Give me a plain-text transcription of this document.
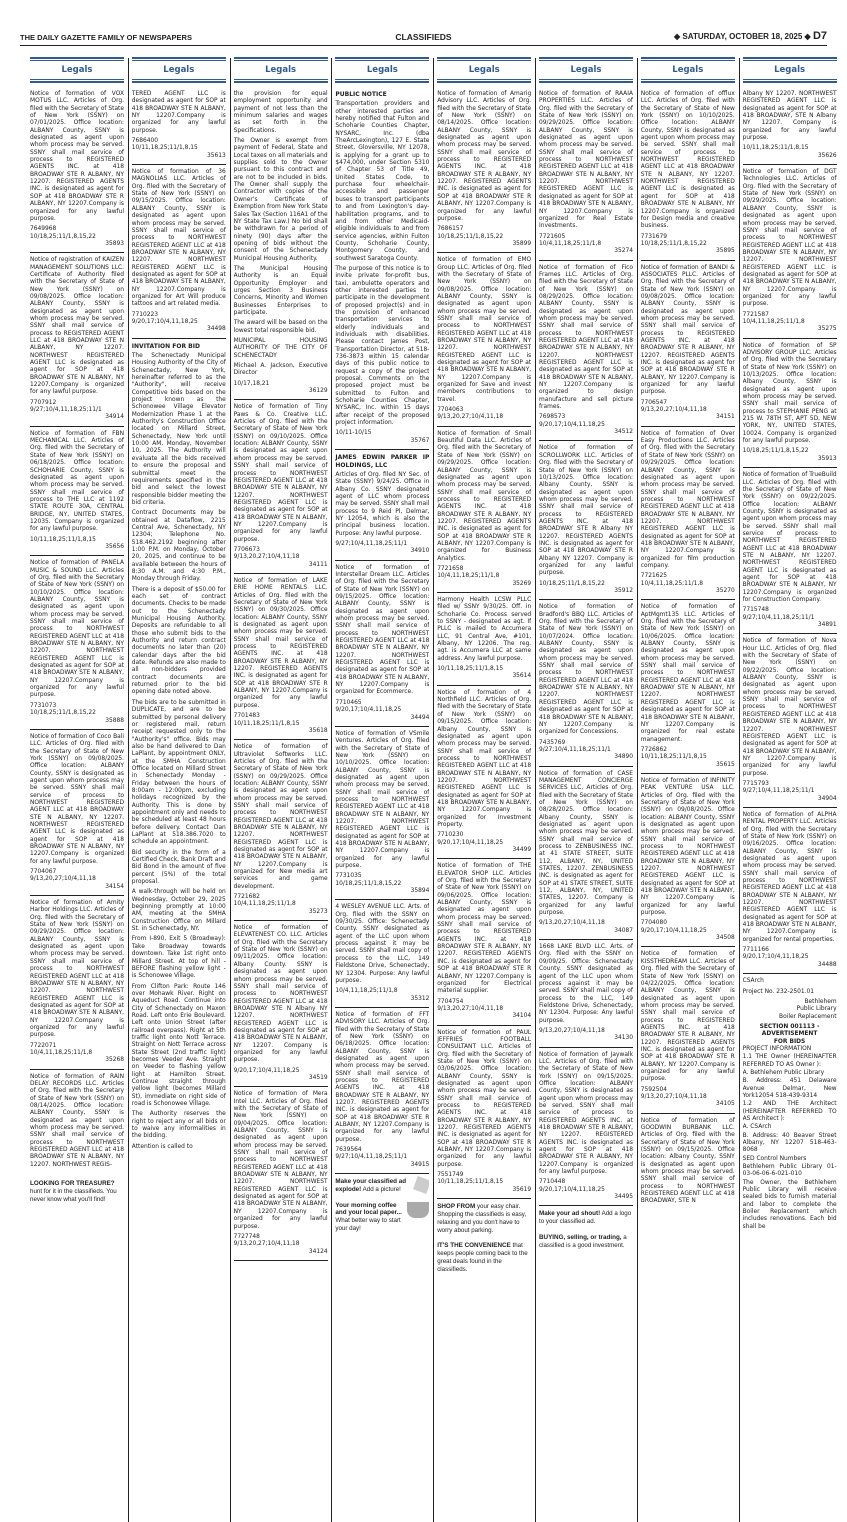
THE DAILY GAZETTE FAMILY OF NEWSPAPERS	CLASSIFIEDS	◆ SATURDAY, OCTOBER 18, 2025 ◆ D7
Legals

Notice of formation of VOX MOTUS LLC. Articles of Org. filed with the Secretary of State of New York (SSNY) on 07/01/2025. Office location: ALBANY County, SSNY is designated as agent upon whom process may be served. SSNY shall mail service of process to REGISTERED AGENTS INC. at 418 BROADWAY STE R ALBANY, NY 12207. REGISTERED AGENTS INC. is designated as agent for SOP at 418 BROADWAY STE R ALBANY, NY 12207.Company is organized for any lawful purpose.

7649968
10/18,25;11/1,8,15,22
35893

Notice of registration of KAIZEN MANAGEMENT SOLUTIONS LLC. Certificate of Authority filed with the Secretary of State of New York (SSNY) on 09/08/2025. Office location: ALBANY County, SSNY is designated as agent upon whom process may be served. SSNY shall mail service of process to REGISTERED AGENT LLC at 418 BROADWAY STE N ALBANY, NY 12207. NORTHWEST REGISTERED AGENT LLC is designated as agent for SOP at 418 BROADWAY STE N ALBANY, NY 12207.Company is organized for any lawful purpose.

7707912
9/27;10/4,11,18,25;11/1
34914

Notice of formation of FBN MECHANICAL LLC. Articles of Org. filed with the Secretary of State of New York (SSNY) on 06/18/2025. Office location: SCHOHARIE County, SSNY is designated as agent upon whom process may be served. SSNY shall mail service of process to THE LLC at 1192 STATE ROUTE 30A, CENTRAL BRIDGE, NY, UNITED STATES, 12035. Company is organized for any lawful purpose.

10/11,18,25;11/1,8,15
35656

Notice of formation of PANELA MUSIC & SOUND LLC. Articles of Org. filed with the Secretary of State of New York (SSNY) on 10/10/2025. Office location: ALBANY County, SSNY is designated as agent upon whom process may be served. SSNY shall mail service of process to NORTHWEST REGISTERED AGENT LLC at 418 BROADWAY STE N ALBANY, NY 12207. NORTHWEST REGISTERED AGENT LLC is designated as agent for SOP at 418 BROADWAY STE N ALBANY, NY 12207.Company is organized for any lawful purpose.

7731073
10/18,25;11/1,8,15,22
35888

Notice of formation of Coco Bali LLC. Articles of Org. filed with the Secretary of State of New York (SSNY) on 09/08/2025. Office location: ALBANY County, SSNY is designated as agent upon whom process may be served. SSNY shall mail service of process to NORTHWEST REGISTERED AGENT LLC at 418 BROADWAY STE N ALBANY, NY 12207. NORTHWEST REGISTERED AGENT LLC is designated as agent for SOP at 418 BROADWAY STE N ALBANY, NY 12207.Company is organized for any lawful purpose.

7704067
9/13,20,27;10/4,11,18
34154

Notice of formation of Amity Harbor Holdings LLC. Articles of Org. filed with the Secretary of State of New York (SSNY) on 09/29/2025. Office location: ALBANY County, SSNY is designated as agent upon whom process may be served. SSNY shall mail service of process to NORTHWEST REGISTERED AGENT LLC at 418 BROADWAY STE N ALBANY, NY 12207. NORTHWEST REGISTERED AGENT LLC is designated as agent for SOP at 418 BROADWAY STE N ALBANY, NY 12207.Company is organized for any lawful purpose.

7722071
10/4,11,18,25;11/1,8
35268

Notice of formation of RAIN DELAY RECORDS LLC. Articles of Org. filed with the Secretary of State of New York (SSNY) on 08/14/2025. Office location: ALBANY County, SSNY is designated as agent upon whom process may be served. SSNY shall mail service of process to NORTHWEST REGISTERED AGENT LLC at 418 BROADWAY STE N ALBANY, NY 12207. NORTHWEST REGIS-

LOOKING FOR TREASURE? hunt for it in the classifieds. You never know what you'll find!
Legals

TERED AGENT LLC is designated as agent for SOP at 418 BROADWAY STE N ALBANY, NY 12207.Company is organized for any lawful purpose.

7686400
10/11,18,25;11/1,8,15
35613

Notice of formation of 36 MAGNOLIAS LLC. Articles of Org. filed with the Secretary of State of New York (SSNY) on 09/15/2025. Office location: ALBANY County, SSNY is designated as agent upon whom process may be served. SSNY shall mail service of process to NORTHWEST REGISTERED AGENT LLC at 418 BROADWAY STE N ALBANY, NY 12207. NORTHWEST REGISTERED AGENT LLC is designated as agent for SOP at 418 BROADWAY STE N ALBANY, NY 12207.Company is organized for Art Will produce tattoos and art related media.

7710223
9/20,17;10/4,11,18,25
34498

INVITATION FOR BID

The Schenectady Municipal Housing Authority of the City of Schenectady, New York, hereinafter referred to as the "Authority", will receive Competitive bids based on the project known as the Schonowee Village Elevator Modernization Phase 1 at the Authority's Construction Office located on Millard Street, Schenectady, New York until 10:00 AM, Monday, November 10, 2025. The Authority will evaluate all the bids received to ensure the proposal and submittal meet the requirements specified in the bid and select the lowest responsible bidder meeting the bid criteria.

Contract Documents may be obtained at Dataflow, 2215 Central Ave, Schenectady, NY 12304; Telephone No. 518.462.2192 beginning after 1:00 P.M. on Monday, October 20, 2025, and continue to be available between the hours of 8:30 A.M. and 4:30 P.M., Monday through Friday.

There is a deposit of $50.00 for each set of contract documents. Checks to be made out to the Schenectady Municipal Housing Authority. Deposits are refundable to all those who submit bids to the Authority and return contract documents no later than (20) calendar days after the bid date. Refunds are also made to all non-bidders provided contract documents are returned prior to the bid opening date noted above.

The bids are to be submitted in DUPLICATE, and are to be submitted by personal delivery or registered mail, return receipt requested only to the "Authority's" office. Bids may also be hand delivered to Dan LaPlant, by appointment ONLY, at the SMHA Construction Office located on Millard Street in Schenectady Monday - Friday between the hours of 8:00am - 12:00pm, excluding holidays recognized by the Authority. This is done by appointment only and needs to be scheduled at least 48 hours before delivery. Contact Dan LaPlant at 518.386.7020 to schedule an appointment.

Bid security in the form of a Certified Check, Bank Draft and Bid Bond in the amount of five percent (5%) of the total proposal.

A walk-through will be held on Wednesday, October 29, 2025 beginning promptly at 10:00 AM, meeting at the SMHA Construction Office on Millard St. in Schenectady, NY.

From I-890, Exit 5 (Broadway): Take Broadway towards downtown. Take 1st right onto Millard Street. At top of hill - BEFORE flashing yellow light - is Schonowee Village.

From Clifton Park: Route 146 over Mohawk River. Right on Aqueduct Road. Continue into City of Schenectady on Maxon Road. Left onto Erie Boulevard. Left onto Union Street (after railroad overpass). Right at 5th traffic light onto Nott Terrace. Straight on Nott Terrace across State Street (2nd traffic light) becomes Veeder Ave. Straight on Veeder to flashing yellow light at Hamilton Street. Continue straight through yellow light (becomes Millard St), immediate on right side of road is Schonowee Village.

The Authority reserves the right to reject any or all bids or to waive any informalities in the bidding.

Attention is called to

Legals

the provision for equal employment opportunity and payment of not less than the minimum salaries and wages as set forth in the Specifications.

The Owner is exempt from payment of Federal, State and Local taxes on all materials and supplies sold to the Owner pursuant to this contract and are not to be included in bids. The Owner shall supply the Contractor with copies of the Owner's Certificate of Exemption from New York State Sales Tax (Section 116A1 of the NY State Tax Law.) No bid shall be withdrawn for a period of ninety (90) days after the opening of bids without the consent of the Schenectady Municipal Housing Authority.

The Municipal Housing Authority is an Equal Opportunity Employer and urges Section 3 Business Concerns, Minority and Women Businesses Enterprises to participate.

The award will be based on the lowest total responsible bid.

MUNICIPAL HOUSING AUTHORITY OF THE CITY OF SCHENECTADY

Michael A. Jackson, Executive Director

10/17,18,21
36129

Notice of formation of Tiny Paws & Co. Creative LLC. Articles of Org. filed with the Secretary of State of New York (SSNY) on 09/10/2025. Office location: ALBANY County, SSNY is designated as agent upon whom process may be served. SSNY shall mail service of process to NORTHWEST REGISTERED AGENT LLC at 418 BROADWAY STE N ALBANY, NY 12207. NORTHWEST REGISTERED AGENT LLC is designated as agent for SOP at 418 BROADWAY STE N ALBANY, NY 12207.Company is organized for any lawful purpose.

7706673
9/13,20,27;10/4,11,18
34111

Notice of formation of LAKE ERIE HOME RENTALS LLC. Articles of Org. filed with the Secretary of State of New York (SSNY) on 09/30/2025. Office location: ALBANY County, SSNY is designated as agent upon whom process may be served. SSNY shall mail service of process to REGISTERED AGENTS INC. at 418 BROADWAY STE R ALBANY, NY 12207. REGISTERED AGENTS INC. is designated as agent for SOP at 418 BROADWAY STE R ALBANY, NY 12207.Company is organized for any lawful purpose.

7701483
10/11,18,25;11/1,8,15
35618

Notice of formation of Ultraviolet Softworks LLC. Articles of Org. filed with the Secretary of State of New York (SSNY) on 09/29/2025. Office location: ALBANY County, SSNY is designated as agent upon whom process may be served. SSNY shall mail service of process to NORTHWEST REGISTERED AGENT LLC at 418 BROADWAY STE N ALBANY, NY 12207. NORTHWEST REGISTERED AGENT LLC is designated as agent for SOP at 418 BROADWAY STE N ALBANY, NY 12207.Company is organized for New media art services and game development.

7721682
10/4,11,18,25;11/1,8
35273

Notice of formation of ELEVATENEST CO. LLC. Articles of Org. filed with the Secretary of State of New York (SSNY) on 09/11/2025. Office location: Albany County. SSNY is designated as agent upon whom process may be served. SSNY shall mail service of process to NORTHWEST REGISTERED AGENT LLC at 418 BROADWAY STE N Albany NY 12207. NORTHWEST REGISTERED AGENT LLC is designated as agent for SOP at 418 BROADWAY STE N ALBANY, NY 12207. Company is organized for any lawful purpose.

9/20,17;10/4,11,18,25
34519

Notice of formation of Mera Intel LLC. Articles of Org. filed with the Secretary of State of New York (SSNY) on 09/04/2025. Office location: ALBANY County, SSNY is designated as agent upon whom process may be served. SSNY shall mail service of process to NORTHWEST REGISTERED AGENT LLC at 418 BROADWAY STE N ALBANY, NY 12207. NORTHWEST REGISTERED AGENT LLC is designated as agent for SOP at 418 BROADWAY STE N ALBANY, NY 12207.Company is organized for any lawful purpose.

7727748
9/13,20,27;10/4,11,18
34124
Legals

PUBLIC NOTICE

Transportation providers and other interested parties are hereby notified that Fulton and Schoharie Counties Chapter, NYSARC, Inc. (dba TheArcLexington), 127 E. State Street, Gloversville, NY 12078, is applying for a grant up to $474,000, under Section 5310 of Chapter 53 of Title 49, United States Code, to purchase four wheelchair-accessible and passenger buses to transport participants to and from Lexington's day-habilitation programs, and to and from other Medicaid-eligible individuals to and from service agencies, within Fulton County, Schoharie County, Montgomery County, and southwest Saratoga County.

The purpose of this notice is to invite private for-profit bus, taxi, ambulette operators and other interested parties to participate in the development of proposed project(s) and in the provision of enhanced transportation services to elderly individuals and individuals with disabilities. Please contact James Post, Transportation Director, at 518-736-3873 within 15 calendar days of this public notice to request a copy of the project proposal. Comments on the proposed project must be submitted to Fulton and Schoharie Counties Chapter, NYSARC, Inc. within 15 days after receipt of the proposed project information.

10/11-10/15
35767

JAMES EDWIN PARKER IP HOLDINGS, LLC

Articles of Org. filed NY Sec. of State (SSNY) 9/24/25. Office in Albany Co. SSNY designated agent of LLC whom process may be served. SSNY shall mail process to 9 Reid Pl, Delmar, NY 12054, which is also the principal business location. Purpose: Any lawful purpose.

9/27;10/4,11,18,25;11/1
34910

Notice of formation of Interstellar Dream LLC. Articles of Org. filed with the Secretary of State of New York (SSNY) on 09/15/2025. Office location: ALBANY County, SSNY is designated as agent upon whom process may be served. SSNY shall mail service of process to NORTHWEST REGISTERED AGENT LLC at 418 BROADWAY STE N ALBANY, NY 12207. NORTHWEST REGISTERED AGENT LLC is designated as agent for SOP at 418 BROADWAY STE N ALBANY, NY 12207.Company is organized for Ecommerce.

7710465
9/20,17;10/4,11,18,25
34494

Notice of formation of VSmile Ventures. Articles of Org. filed with the Secretary of State of New York (SSNY) on 10/10/2025. Office location: ALBANY County, SSNY is designated as agent upon whom process may be served. SSNY shall mail service of process to NORTHWEST REGISTERED AGENT LLC at 418 BROADWAY STE N ALBANY, NY 12207. NORTHWEST REGISTERED AGENT LLC is designated as agent for SOP at 418 BROADWAY STE N ALBANY, NY 12207.Company is organized for any lawful purpose.

7731035
10/18,25;11/1,8,15,22
35894

4 WESLEY AVENUE LLC. Arts. of Org. filed with the SSNY on 09/30/25. Office: Schenectady County. SSNY designated as agent of the LLC upon whom process against it may be served. SSNY shall mail copy of process to the LLC, 149 Fieldstone Drive, Schenectady, NY 12304. Purpose: Any lawful purpose.

10/4,11,18,25;11/1,8
35312

Notice of formation of FFT ADVISORY LLC. Articles of Org. filed with the Secretary of State of New York (SSNY) on 06/18/2025. Office location: ALBANY County, SSNY is designated as agent upon whom process may be served. SSNY shall mail service of process to REGISTERED AGENTS INC. at 418 BROADWAY STE R ALBANY, NY 12207. REGISTERED AGENTS INC. is designated as agent for SOP at 418 BROADWAY STE R ALBANY, NY 12207.Company is organized for any lawful purpose.

7639564
9/27;10/4,11,18,25;11/1
34915
Make your classified ad explode! Add a picture!
Your morning coffee and your local paper... What better way to start your day!
Legals

Notice of formation of Amarig Advisory LLC. Articles of Org. filed with the Secretary of State of New York (SSNY) on 08/14/2025. Office location: ALBANY County, SSNY is designated as agent upon whom process may be served. SSNY shall mail service of process to REGISTERED AGENTS INC. at 418 BROADWAY STE R ALBANY, NY 12207. REGISTERED AGENTS INC. is designated as agent for SOP at 418 BROADWAY STE R ALBANY, NY 12207.Company is organized for any lawful purpose.

7686157
10/18,25;11/1,8,15,22
35899

Notice of formation of EMO Group LLC. Articles of Org. filed with the Secretary of State of New York (SSNY) on 09/08/2025. Office location: ALBANY County, SSNY is designated as agent upon whom process may be served. SSNY shall mail service of process to NORTHWEST REGISTERED AGENT LLC at 418 BROADWAY STE N ALBANY, NY 12207. NORTHWEST REGISTERED AGENT LLC is designated as agent for SOP at 418 BROADWAY STE N ALBANY, NY 12207.Company is organized for Save and invest members contributions to travel.

7704063
9/13,20,27;10/4,11,18

Notice of formation of Small Beautiful Data LLC. Articles of Org. filed with the Secretary of State of New York (SSNY) on 09/29/2025. Office location: ALBANY County, SSNY is designated as agent upon whom process may be served. SSNY shall mail service of process to REGISTERED AGENTS INC. at 418 BROADWAY STE R ALBANY, NY 12207. REGISTERED AGENTS INC. is designated as agent for SOP at 418 BROADWAY STE R ALBANY, NY 12207.Company is organized for Business Analytics.

7721658
10/4,11,18,25;11/1,8
35269

Harmony Health LCSW PLLC filed w/ SSNY 9/30/25. Off. in Schoharie Co. Process served to SSNY - designated as agt. If PLLC is mailed to Accumera LLC, 91 Central Ave, #101, Albany, NY 12206. The reg. agt. is Accumera LLC at same address. Any lawful purpose.

10/11,18,25;11/1,8,15
35614

Notice of formation of 4 Northfield LLC. Articles of Org. filed with the Secretary of State of New York (SSNY) on 09/15/2025. Office location: Albany County, SSNY is designated as agent upon whom process may be served. SSNY shall mail service of process to NORTHWEST REGISTERED AGENT LLC at 418 BROADWAY STE N ALBANY, NY 12207. NORTHWEST REGISTERED AGENT LLC is designated as agent for SOP at 418 BROADWAY STE N ALBANY, NY 12207.Company is organized for Investment Property.

7710230
9/20,17;10/4,11,18,25
34499

Notice of formation of THE ELEVATOR SHOP LLC. Articles of Org. filed with the Secretary of State of New York (SSNY) on 09/06/2025. Office location: ALBANY County, SSNY is designated as agent upon whom process may be served. SSNY shall mail service of process to REGISTERED AGENTS INC. at 418 BROADWAY STE R ALBANY, NY 12207. REGISTERED AGENTS INC. is designated as agent for SOP at 418 BROADWAY STE R ALBANY, NY 12207.Company is organized for Electrical material supplier.

7704754
9/13,20,27;10/4,11,18
34104

Notice of formation of PAUL JEFFRIES FOOTBALL CONSULTANT LLC. Articles of Org. filed with the Secretary of State of New York (SSNY) on 03/06/2025. Office location: ALBANY County, SSNY is designated as agent upon whom process may be served. SSNY shall mail service of process to REGISTERED AGENTS INC. at 418 BROADWAY STE R ALBANY, NY 12207. REGISTERED AGENTS INC. is designated as agent for SOP at 418 BROADWAY STE R ALBANY, NY 12207.Company is organized for any lawful purpose.

7551749
10/11,18,25;11/1,8,15
35619
SHOP FROM your easy chair. Shopping the classifieds is easy, relaxing and you don't have to worry about parking.
IT'S THE CONVENIENCE that keeps people coming back to the great deals found in the classifieds.
Legals

Notice of formation of RAAIA PROPERTIES LLC. Articles of Org. filed with the Secretary of State of New York (SSNY) on 09/29/2025. Office location: ALBANY County, SSNY is designated as agent upon whom process may be served. SSNY shall mail service of process to NORTHWEST REGISTERED AGENT LLC at 418 BROADWAY STE N ALBANY, NY 12207. NORTHWEST REGISTERED AGENT LLC is designated as agent for SOP at 418 BROADWAY STE N ALBANY, NY 12207.Company is organized for Real Estate Investments.

7721605
10/4,11,18,25;11/1,8
35274

Notice of formation of Fico Frames LLC. Articles of Org. filed with the Secretary of State of New York (SSNY) on 08/29/2025. Office location: ALBANY County, SSNY is designated as agent upon whom process may be served. SSNY shall mail service of process to NORTHWEST REGISTERED AGENT LLC at 418 BROADWAY STE N ALBANY, NY 12207. NORTHWEST REGISTERED AGENT LLC is designated as agent for SOP at 418 BROADWAY STE N ALBANY, NY 12207.Company is organized to design manufacture and sell picture frames.

7698573
9/20,17;10/4,11,18,25
34512

Notice of formation of SCROLLWORK LLC. Articles of Org. filed with the Secretary of State of New York (SSNY) on 10/13/2025. Office location: Albany County, SSNY is designated as agent upon whom process may be served. SSNY shall mail service of process to REGISTERED AGENTS INC. at 418 BROADWAY STE R Albany NY 12207. REGISTERED AGENTS INC. is designated as agent for SOP at 418 BROADWAY STE R Albany NY 12207. Company is organized for any lawful purpose.

10/18,25;11/1,8,15,22
35912

Notice of formation of Bradford's BBQ LLC. Articles of Org. filed with the Secretary of State of New York (SSNY) on 10/07/2024. Office location: ALBANY County, SSNY is designated as agent upon whom process may be served. SSNY shall mail service of process to NORTHWEST REGISTERED AGENT LLC at 418 BROADWAY STE N ALBANY, NY 12207. NORTHWEST REGISTERED AGENT LLC is designated as agent for SOP at 418 BROADWAY STE N ALBANY, NY 12207.Company is organized for Concessions.

7435769
9/27;10/4,11,18,25;11/1
34890

Notice of formation of CASE MANAGEMENT CONCIERGE SERVICES LLC. Articles of Org. filed with the Secretary of State of New York (SSNY) on 08/28/2025. Office location: Albany County, SSNY is designated as agent upon whom process may be served. SSNY shall mail service of process to ZENBUSINESS INC. at 41 STATE STREET, SUITE 112, ALBANY, NY, UNITED STATES, 12207. ZENBUSINESS INC. is designated as agent for SOP at 41 STATE STREET, SUITE 112, ALBANY, NY, UNITED STATES, 12207. Company is organized for any lawful purpose.

9/13,20,27;10/4,11,18
34087

1668 LAKE BLVD LLC. Arts. of Org. filed with the SSNY on 09/09/25. Office: Schenectady County. SSNY designated as agent of the LLC upon whom process against it may be served. SSNY shall mail copy of process to the LLC, 149 Fieldstone Drive, Schenectady, NY 12304. Purpose: Any lawful purpose.

9/13,20,27;10/4,11,18
34130

Notice of formation of Jaywalk LLC. Articles of Org. filed with the Secretary of State of New York (SSNY) on 09/15/2025. Office location: ALBANY County, SSNY is designated as agent upon whom process may be served. SSNY shall mail service of process to REGISTERED AGENTS INC. at 418 BROADWAY STE R ALBANY, NY 12207. REGISTERED AGENTS INC. is designated as agent for SOP at 418 BROADWAY STE R ALBANY, NY 12207.Company is organized for any lawful purpose.

7710448
9/20,17;10/4,11,18,25
34495
Make your ad shout! Add a logo to your classified ad.
BUYING, selling, or trading, a classified is a good investment.
Legals

Notice of formation of offlux LLC. Articles of Org. filed with the Secretary of State of New York (SSNY) on 10/10/2025. Office location: ALBANY County, SSNY is designated as agent upon whom process may be served. SSNY shall mail service of process to NORTHWEST REGISTERED AGENT LLC at 418 BROADWAY STE N ALBANY, NY 12207. NORTHWEST REGISTERED AGENT LLC is designated as agent for SOP at 418 BROADWAY STE N ALBANY, NY 12207.Company is organized for Design media and creative business.

7731679
10/18,25;11/1,8,15,22
35895

Notice of formation of BANDI & ASSOCIATES PLLC. Articles of Org. filed with the Secretary of State of New York (SSNY) on 09/08/2025. Office location: ALBANY County, SSNY is designated as agent upon whom process may be served. SSNY shall mail service of process to REGISTERED AGENTS INC. at 418 BROADWAY STE R ALBANY, NY 12207. REGISTERED AGENTS INC. is designated as agent for SOP at 418 BROADWAY STE R ALBANY, NY 12207.Company is organized for any lawful purpose.

7706547
9/13,20,27;10/4,11,18
34151

Notice of formation of Over Easy Productions LLC. Articles of Org. filed with the Secretary of State of New York (SSNY) on 09/29/2025. Office location: ALBANY County, SSNY is designated as agent upon whom process may be served. SSNY shall mail service of process to NORTHWEST REGISTERED AGENT LLC at 418 BROADWAY STE N ALBANY, NY 12207. NORTHWEST REGISTERED AGENT LLC is designated as agent for SOP at 418 BROADWAY STE N ALBANY, NY 12207.Company is organized for film production company.

7721625
10/4,11,18,25;11/1,8
35270

Notice of formation of AptMgmt135 LLC. Articles of Org. filed with the Secretary of State of New York (SSNY) on 10/06/2025. Office location: ALBANY County, SSNY is designated as agent upon whom process may be served. SSNY shall mail service of process to NORTHWEST REGISTERED AGENT LLC at 418 BROADWAY STE N ALBANY, NY 12207. NORTHWEST REGISTERED AGENT LLC is designated as agent for SOP at 418 BROADWAY STE N ALBANY, NY 12207.Company is organized for real estate management.

7726862
10/11,18,25;11/1,8,15
35615

Notice of formation of INFINITY PEAK VENTURE USA LLC. Articles of Org. filed with the Secretary of State of New York (SSNY) on 09/08/2025. Office location: ALBANY County, SSNY is designated as agent upon whom process may be served. SSNY shall mail service of process to NORTHWEST REGISTERED AGENT LLC at 418 BROADWAY STE N ALBANY, NY 12207. NORTHWEST REGISTERED AGENT LLC is designated as agent for SOP at 418 BROADWAY STE N ALBANY, NY 12207.Company is organized for any lawful purpose.

7704080
9/20,17;10/4,11,18,25
34508

Notice of formation of KISSTHEDREAM LLC. Articles of Org. filed with the Secretary of State of New York (SSNY) on 04/22/2025. Office location: ALBANY County, SSNY is designated as agent upon whom process may be served. SSNY shall mail service of process to REGISTERED AGENTS INC. at 418 BROADWAY STE R ALBANY, NY 12207. REGISTERED AGENTS INC. is designated as agent for SOP at 418 BROADWAY STE R ALBANY, NY 12207.Company is organized for any lawful purpose.

7592504
9/13,20,27;10/4,11,18
34105

Notice of formation of GOODWIN BURBANK LLC. Articles of Org. filed with the Secretary of State of New York (SSNY) on 09/15/2025. Office location: Albany County, SSNY is designated as agent upon whom process may be served. SSNY shall mail service of process to NORTHWEST REGISTERED AGENT LLC at 418 BROADWAY, STE N

Legals

Albany NY 12207. NORTHWEST REGISTERED AGENT LLC is designated as agent for SOP at 418 BROADWAY, STE N Albany NY 12207. Company is organized for any lawful purpose.

10/11,18,25;11/1,8,15
35626

Notice of formation of DGT Technologies LLC. Articles of Org. filed with the Secretary of State of New York (SSNY) on 09/29/2025. Office location: ALBANY County, SSNY is designated as agent upon whom process may be served. SSNY shall mail service of process to NORTHWEST REGISTERED AGENT LLC at 418 BROADWAY STE N ALBANY, NY 12207. NORTHWEST REGISTERED AGENT LLC is designated as agent for SOP at 418 BROADWAY STE N ALBANY, NY 12207.Company is organized for any lawful purpose.

7721587
10/4,11,18,25;11/1,8
35275

Notice of formation of SP ADVISORY GROUP LLC. Articles of Org. filed with the Secretary of State of New York (SSNY) on 10/13/2025. Office location: Albany County, SSNY is designated as agent upon whom process may be served. SSNY shall mail service of process to STEPHANIE PENG at 215 W. 78TH ST, APT 5D, NEW YORK, NY, UNITED STATES, 10024. Company is organized for any lawful purpose.

10/18,25;11/1,8,15,22
35913

Notice of formation of TrueBuild LLC. Articles of Org. filed with the Secretary of State of New York (SSNY) on 09/22/2025. Office location: ALBANY County, SSNY is designated as agent upon whom process may be served. SSNY shall mail service of process to NORTHWEST REGISTERED AGENT LLC at 418 BROADWAY STE N ALBANY, NY 12207. NORTHWEST REGISTERED AGENT LLC is designated as agent for SOP at 418 BROADWAY STE N ALBANY, NY 12207.Company is organized for Construction Company.

7715748
9/27;10/4,11,18,25;11/1
34891

Notice of formation of Nova Hour LLC. Articles of Org. filed with the Secretary of State of New York (SSNY) on 09/22/2025. Office location: ALBANY County, SSNY is designated as agent upon whom process may be served. SSNY shall mail service of process to NORTHWEST REGISTERED AGENT LLC at 418 BROADWAY STE N ALBANY, NY 12207. NORTHWEST REGISTERED AGENT LLC is designated as agent for SOP at 418 BROADWAY STE N ALBANY, NY 12207.Company is organized for any lawful purpose.

7715793
9/27;10/4,11,18,25;11/1
34904

Notice of formation of ALPHA RENTAL PROPERTY LLC. Articles of Org. filed with the Secretary of State of New York (SSNY) on 09/16/2025. Office location: ALBANY County, SSNY is designated as agent upon whom process may be served. SSNY shall mail service of process to NORTHWEST REGISTERED AGENT LLC at 418 BROADWAY STE N ALBANY, NY 12207. NORTHWEST REGISTERED AGENT LLC is designated as agent for SOP at 418 BROADWAY STE N ALBANY, NY 12207.Company is organized for rental properties.

7711166
9/20,17;10/4,11,18,25
34488

CSArch

Project No. 232-2501.01

Bethlehem

Public Library

Boiler Replacement

SECTION 001113 -

ADVERTISEMENT

FOR BIDS

PROJECT INFORMATION

1.1 THE Owner (HEREINAFTER REFERRED TO AS Owner ):

A. Bethlehem Public Library

B. Address: 451 Delaware Avenue Delmar, New York12054 518-439-9314

1.2 AND THE Architect (HEREINAFTER REFERRED TO AS Architect ):

A. CSArch

B. Address: 40 Beaver Street Albany, NY 12207 518-463-8068

SED Control Numbers

Bethlehem Public Library 01-03-06-06-6-021-010

The Owner, the Bethlehem Public Library will receive sealed bids to furnish material and labor to complete the Boiler Replacement which includes renovations. Each bid shall be
